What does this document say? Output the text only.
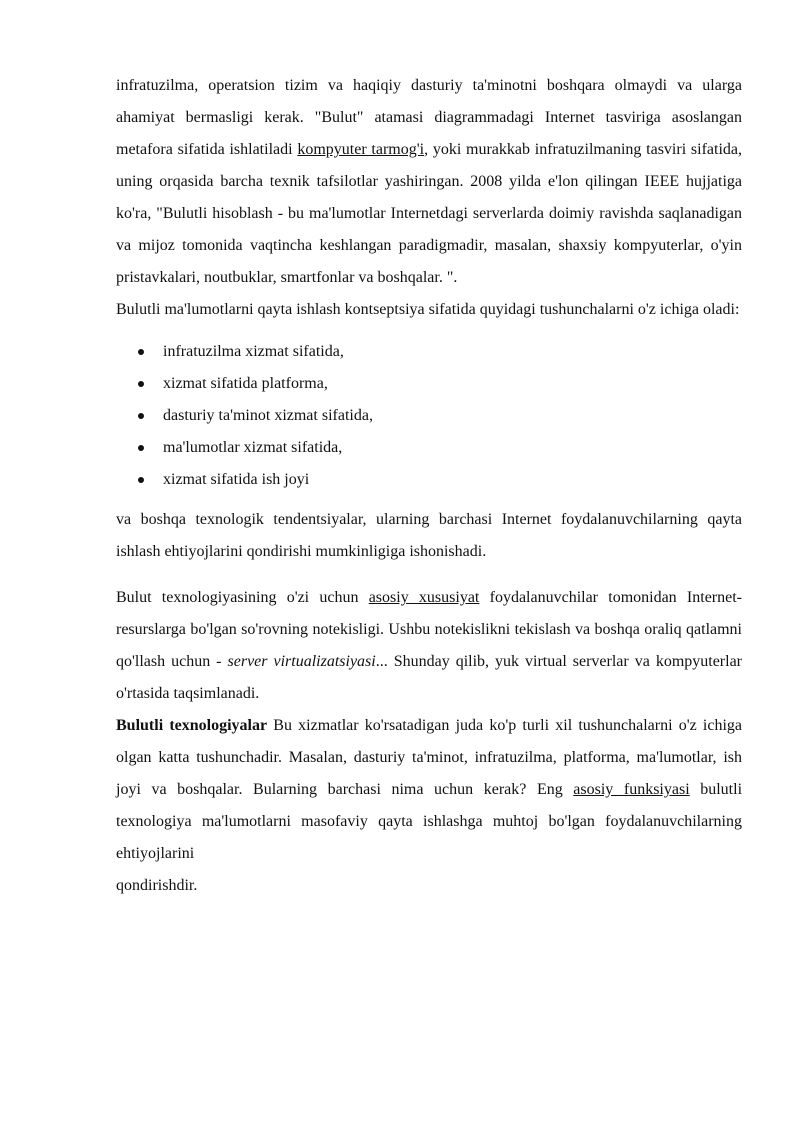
infratuzilma, operatsion tizim va haqiqiy dasturiy ta'minotni boshqara olmaydi va ularga ahamiyat bermasligi kerak. "Bulut" atamasi diagrammadagi Internet tasviriga asoslangan metafora sifatida ishlatiladi kompyuter tarmog'i, yoki murakkab infratuzilmaning tasviri sifatida, uning orqasida barcha texnik tafsilotlar yashiringan. 2008 yilda e'lon qilingan IEEE hujjatiga ko'ra, "Bulutli hisoblash - bu ma'lumotlar Internetdagi serverlarda doimiy ravishda saqlanadigan va mijoz tomonida vaqtincha keshlangan paradigmadir, masalan, shaxsiy kompyuterlar, o'yin pristavkalari, noutbuklar, smartfonlar va boshqalar. ".

Bulutli ma'lumotlarni qayta ishlash kontseptsiya sifatida quyidagi tushunchalarni o'z ichiga oladi:

infratuzilma xizmat sifatida,
xizmat sifatida platforma,
dasturiy ta'minot xizmat sifatida,
ma'lumotlar xizmat sifatida,
xizmat sifatida ish joyi

va boshqa texnologik tendentsiyalar, ularning barchasi Internet foydalanuvchilarning qayta ishlash ehtiyojlarini qondirishi mumkinligiga ishonishadi.

Bulut texnologiyasining o'zi uchun asosiy xususiyat foydalanuvchilar tomonidan Internet-resurslarga bo'lgan so'rovning notekisligi. Ushbu notekislikni tekislash va boshqa oraliq qatlamni qo'llash uchun - server virtualizatsiyasi... Shunday qilib, yuk virtual serverlar va kompyuterlar o'rtasida taqsimlanadi.

Bulutli texnologiyalar Bu xizmatlar ko'rsatadigan juda ko'p turli xil tushunchalarni o'z ichiga olgan katta tushunchadir. Masalan, dasturiy ta'minot, infratuzilma, platforma, ma'lumotlar, ish joyi va boshqalar. Bularning barchasi nima uchun kerak? Eng asosiy funksiyasi bulutli texnologiya ma'lumotlarni masofaviy qayta ishlashga muhtoj bo'lgan foydalanuvchilarning ehtiyojlarini

qondirishdir.
